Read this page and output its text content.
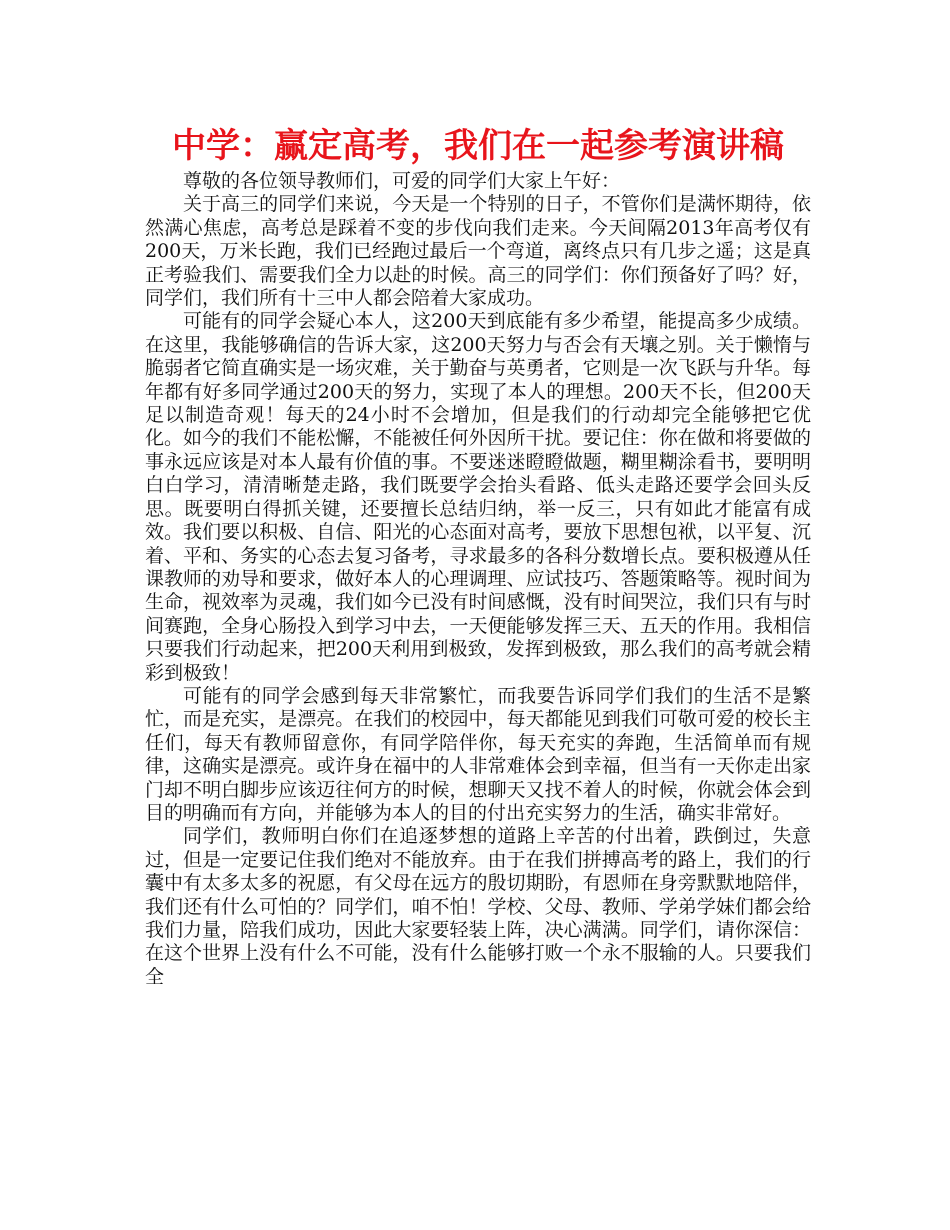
中学：赢定高考，我们在一起参考演讲稿

尊敬的各位领导教师们，可爱的同学们大家上午好：

关于高三的同学们来说，今天是一个特别的日子，不管你们是满怀期待，依然满心焦虑，高考总是踩着不变的步伐向我们走来。今天间隔2013年高考仅有200天，万米长跑，我们已经跑过最后一个弯道，离终点只有几步之遥；这是真正考验我们、需要我们全力以赴的时候。高三的同学们：你们预备好了吗？好，同学们，我们所有十三中人都会陪着大家成功。

可能有的同学会疑心本人，这200天到底能有多少希望，能提高多少成绩。在这里，我能够确信的告诉大家，这200天努力与否会有天壤之别。关于懒惰与脆弱者它简直确实是一场灾难，关于勤奋与英勇者，它则是一次飞跃与升华。每年都有好多同学通过200天的努力，实现了本人的理想。200天不长，但200天足以制造奇观！每天的24小时不会增加，但是我们的行动却完全能够把它优化。如今的我们不能松懈，不能被任何外因所干扰。要记住：你在做和将要做的事永远应该是对本人最有价值的事。不要迷迷瞪瞪做题，糊里糊涂看书，要明明白白学习，清清晰楚走路，我们既要学会抬头看路、低头走路还要学会回头反思。既要明白得抓关键，还要擅长总结归纳，举一反三，只有如此才能富有成效。我们要以积极、自信、阳光的心态面对高考，要放下思想包袱，以平复、沉着、平和、务实的心态去复习备考，寻求最多的各科分数增长点。要积极遵从任课教师的劝导和要求，做好本人的心理调理、应试技巧、答题策略等。视时间为生命，视效率为灵魂，我们如今已没有时间感慨，没有时间哭泣，我们只有与时间赛跑，全身心肠投入到学习中去，一天便能够发挥三天、五天的作用。我相信只要我们行动起来，把200天利用到极致，发挥到极致，那么我们的高考就会精彩到极致！

可能有的同学会感到每天非常繁忙，而我要告诉同学们我们的生活不是繁忙，而是充实，是漂亮。在我们的校园中，每天都能见到我们可敬可爱的校长主任们，每天有教师留意你，有同学陪伴你，每天充实的奔跑，生活简单而有规律，这确实是漂亮。或许身在福中的人非常难体会到幸福，但当有一天你走出家门却不明白脚步应该迈往何方的时候，想聊天又找不着人的时候，你就会体会到目的明确而有方向，并能够为本人的目的付出充实努力的生活，确实非常好。

同学们，教师明白你们在追逐梦想的道路上辛苦的付出着，跌倒过，失意过，但是一定要记住我们绝对不能放弃。由于在我们拼搏高考的路上，我们的行囊中有太多太多的祝愿，有父母在远方的殷切期盼，有恩师在身旁默默地陪伴，我们还有什么可怕的？同学们，咱不怕！学校、父母、教师、学弟学妹们都会给我们力量，陪我们成功，因此大家要轻装上阵，决心满满。同学们，请你深信：在这个世界上没有什么不可能，没有什么能够打败一个永不服输的人。只要我们全
